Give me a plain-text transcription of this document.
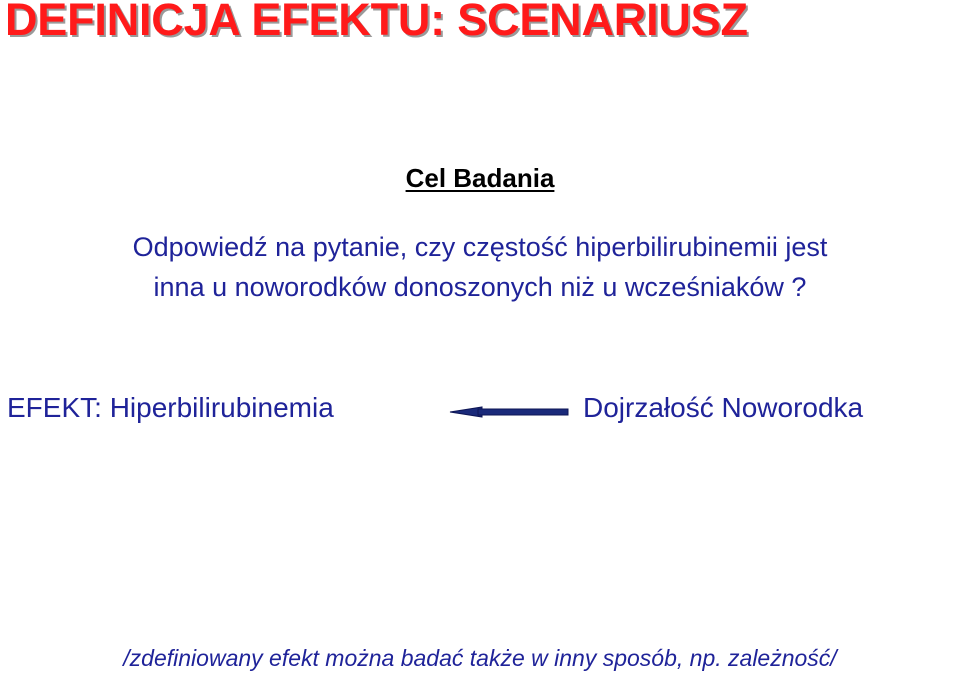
DEFINICJA EFEKTU: SCENARIUSZ
Cel Badania
Odpowiedź na pytanie, czy częstość hiperbilirubinemii jest
inna u noworodków donoszonych niż u wcześniaków ?
EFEKT: Hiperbilirubinemia	Dojrzałość Noworodka
/zdefiniowany efekt można badać także w inny sposób, np. zależność/
